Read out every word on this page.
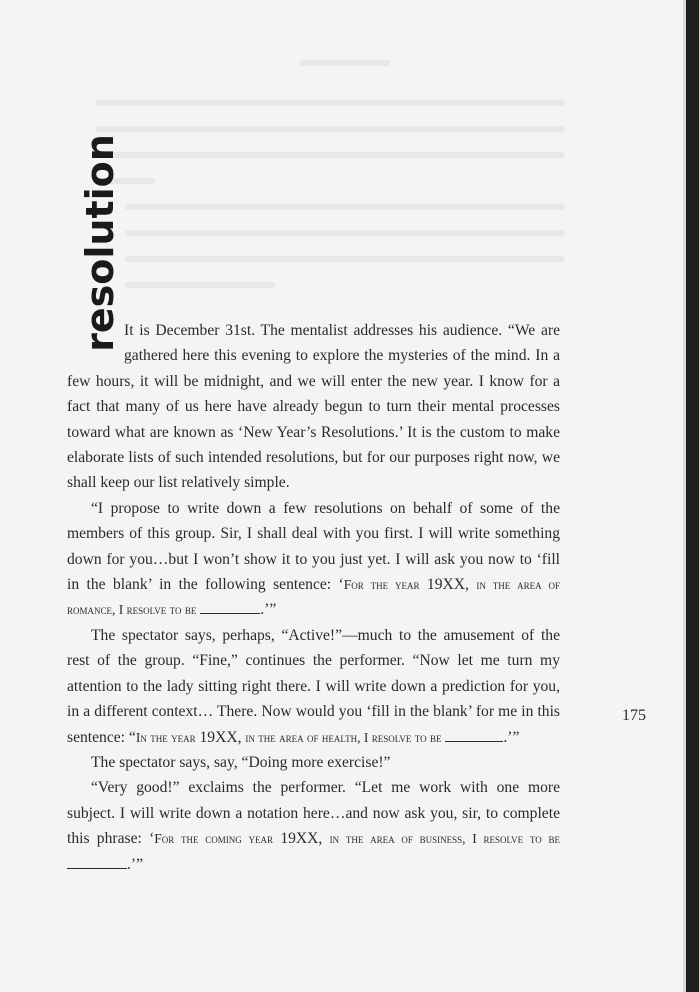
resolution It is December 31st. The mentalist addresses his audience. “We are gathered here this evening to explore the mysteries of the mind. In a few hours, it will be midnight, and we will enter the new year. I know for a fact that many of us here have already begun to turn their mental processes toward what are known as ‘New Year’s Resolutions.’ It is the custom to make elaborate lists of such intended resolutions, but for our purposes right now, we shall keep our list relatively simple.

“I propose to write down a few resolutions on behalf of some of the members of this group. Sir, I shall deal with you first. I will write something down for you…but I won’t show it to you just yet. I will ask you now to ‘fill in the blank’ in the following sentence: ‘For the year 19XX, in the area of romance, I resolve to be	.’”

The spectator says, perhaps, “Active!”—much to the amusement of the rest of the group. “Fine,” continues the performer. “Now let me turn my attention to the lady sitting right there. I will write down a prediction for you, in a different context… There. Now would you ‘fill in the blank’ for me in this sentence: “In the year 19XX, in the area of health, I resolve to be	.’”

The spectator says, say, “Doing more exercise!”

“Very good!” exclaims the performer. “Let me work with one more subject. I will write down a notation here…and now ask you, sir, to complete this phrase: ‘For the coming year 19XX, in the area of business, I resolve to be .’”

175
